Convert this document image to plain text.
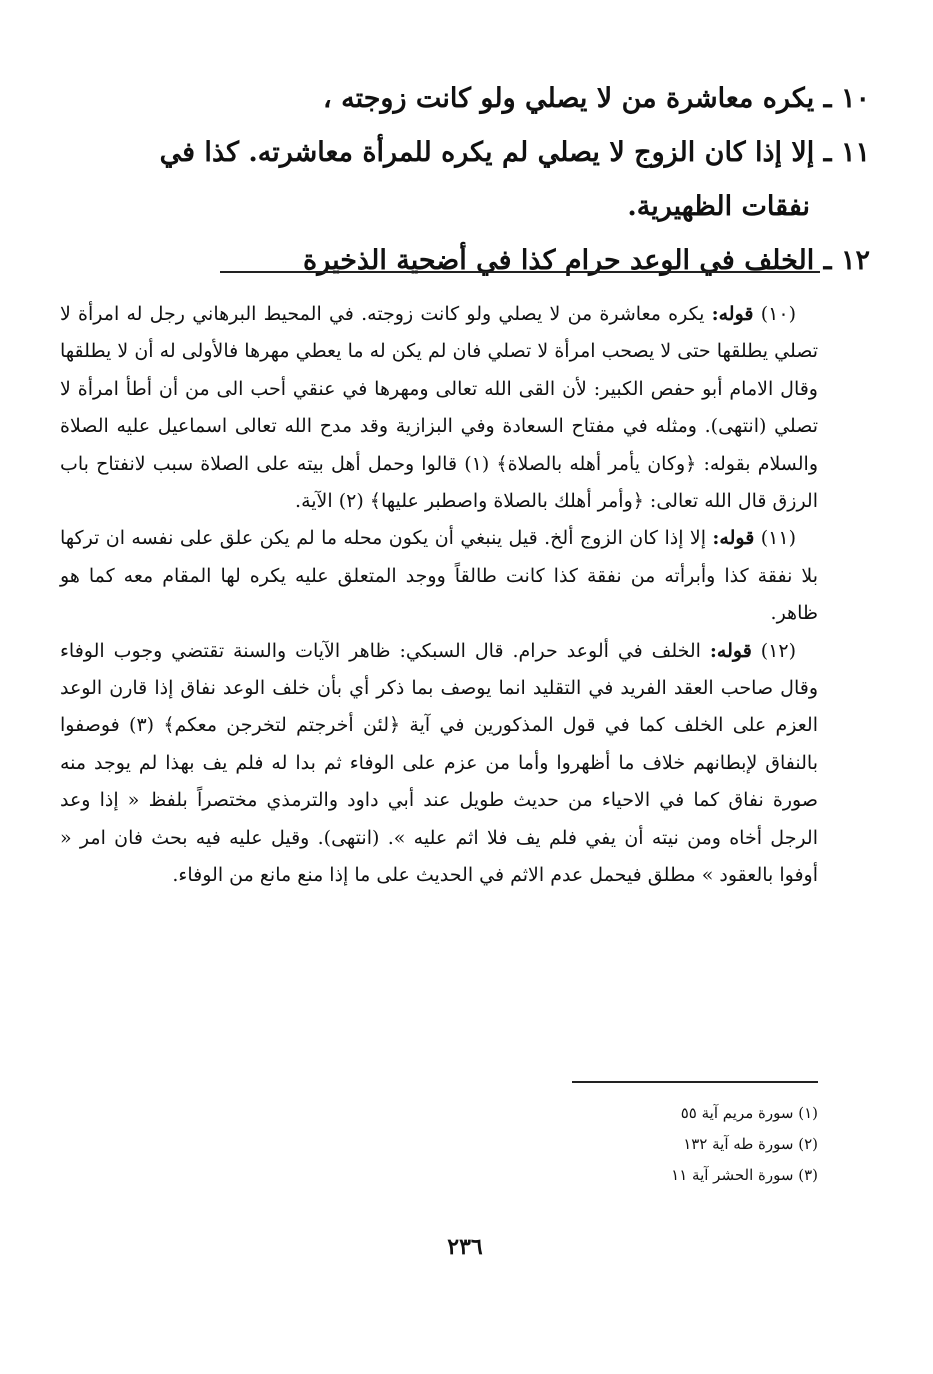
١٠ ـ يكره معاشرة من لا يصلي ولو كانت زوجته ،
١١ ـ إلا إذا كان الزوج لا يصلي لم يكره للمرأة معاشرته. كذا في
نفقات الظهيرية.
١٢ ـ الخلف في الوعد حرام كذا في أضحية الذخيرة

(١٠) قوله: يكره معاشرة من لا يصلي ولو كانت زوجته. في المحيط البرهاني رجل له امرأة لا تصلي يطلقها حتى لا يصحب امرأة لا تصلي فان لم يكن له ما يعطي مهرها فالأولى له أن لا يطلقها وقال الامام أبو حفص الكبير: لأن القى الله تعالى ومهرها في عنقي أحب الى من أن أطأ امرأة لا تصلي (انتهى). ومثله في مفتاح السعادة وفي البزازية وقد مدح الله تعالى اسماعيل عليه الصلاة والسلام بقوله: ﴿وكان يأمر أهله بالصلاة﴾ (١) قالوا وحمل أهل بيته على الصلاة سبب لانفتاح باب الرزق قال الله تعالى: ﴿وأمر أهلك بالصلاة واصطبر عليها﴾ (٢) الآية.

(١١) قوله: إلا إذا كان الزوج ألخ. قيل ينبغي أن يكون محله ما لم يكن علق على نفسه ان تركها بلا نفقة كذا وأبرأته من نفقة كذا كانت طالقاً ووجد المتعلق عليه يكره لها المقام معه كما هو ظاهر.

(١٢) قوله: الخلف في ألوعد حرام. قال السبكي: ظاهر الآيات والسنة تقتضي وجوب الوفاء وقال صاحب العقد الفريد في التقليد انما يوصف بما ذكر أي بأن خلف الوعد نفاق إذا قارن الوعد العزم على الخلف كما في قول المذكورين في آية ﴿لئن أخرجتم لتخرجن معكم﴾ (٣) فوصفوا بالنفاق لإبطانهم خلاف ما أظهروا وأما من عزم على الوفاء ثم بدا له فلم يف بهذا لم يوجد منه صورة نفاق كما في الاحياء من حديث طويل عند أبي داود والترمذي مختصراً بلفظ « إذا وعد الرجل أخاه ومن نيته أن يفي فلم يف فلا اثم عليه ». (انتهى). وقيل عليه فيه بحث فان امر « أوفوا بالعقود » مطلق فيحمل عدم الاثم في الحديث على ما إذا منع مانع من الوفاء.

(١) سورة مريم آية ٥٥
(٢) سورة طه آية ١٣٢
(٣) سورة الحشر آية ١١
٢٣٦
